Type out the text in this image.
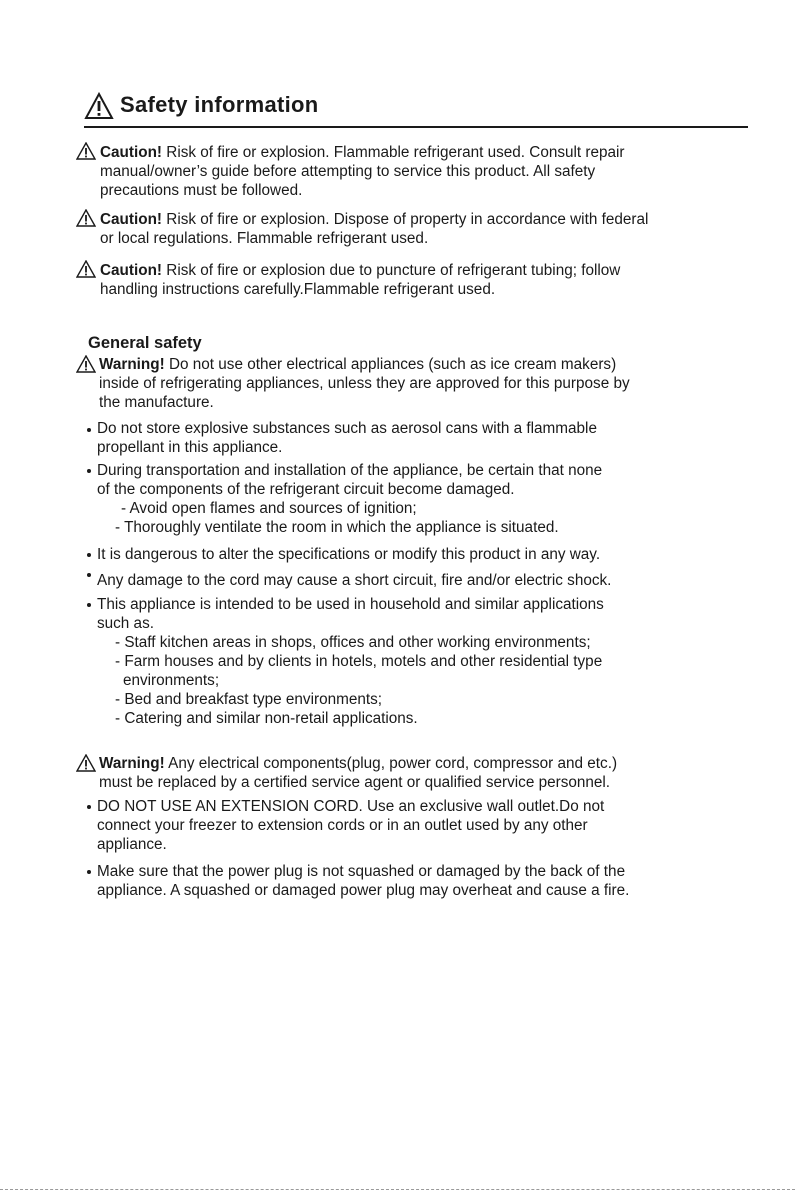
Safety information
Caution! Risk of fire or explosion. Flammable refrigerant used. Consult repair
manual/owner’s guide before attempting to service this product. All safety
precautions must be followed.
Caution! Risk of fire or explosion. Dispose of property in accordance with federal
or local regulations. Flammable refrigerant used.
Caution! Risk of fire or explosion due to puncture of refrigerant tubing; follow
handling instructions carefully.Flammable refrigerant used.
General safety
Warning! Do not use other electrical appliances (such as ice cream makers)
inside of refrigerating appliances, unless they are approved for this purpose by
the manufacture.
Do not store explosive substances such as aerosol cans with a flammable
propellant in this appliance.
During transportation and installation of the appliance, be certain that none
of the components of the refrigerant circuit become damaged.
- Avoid open flames and sources of ignition;
- Thoroughly ventilate the room in which the appliance is situated.
It is dangerous to alter the specifications or modify this product in any way.
Any damage to the cord may cause a short circuit, fire and/or electric shock.
This appliance is intended to be used in household and similar applications
such as.
- Staff kitchen areas in shops, offices and other working environments;
- Farm houses and by clients in hotels, motels and other residential type
environments;
- Bed and breakfast type environments;
- Catering and similar non-retail applications.
Warning! Any electrical components(plug, power cord, compressor and etc.)
must be replaced by a certified service agent or qualified service personnel.
DO NOT USE AN EXTENSION CORD. Use an exclusive wall outlet.Do not
connect your freezer to extension cords or in an outlet used by any other
appliance.
Make sure that the power plug is not squashed or damaged by the back of the
appliance. A squashed or damaged power plug may overheat and cause a fire.
